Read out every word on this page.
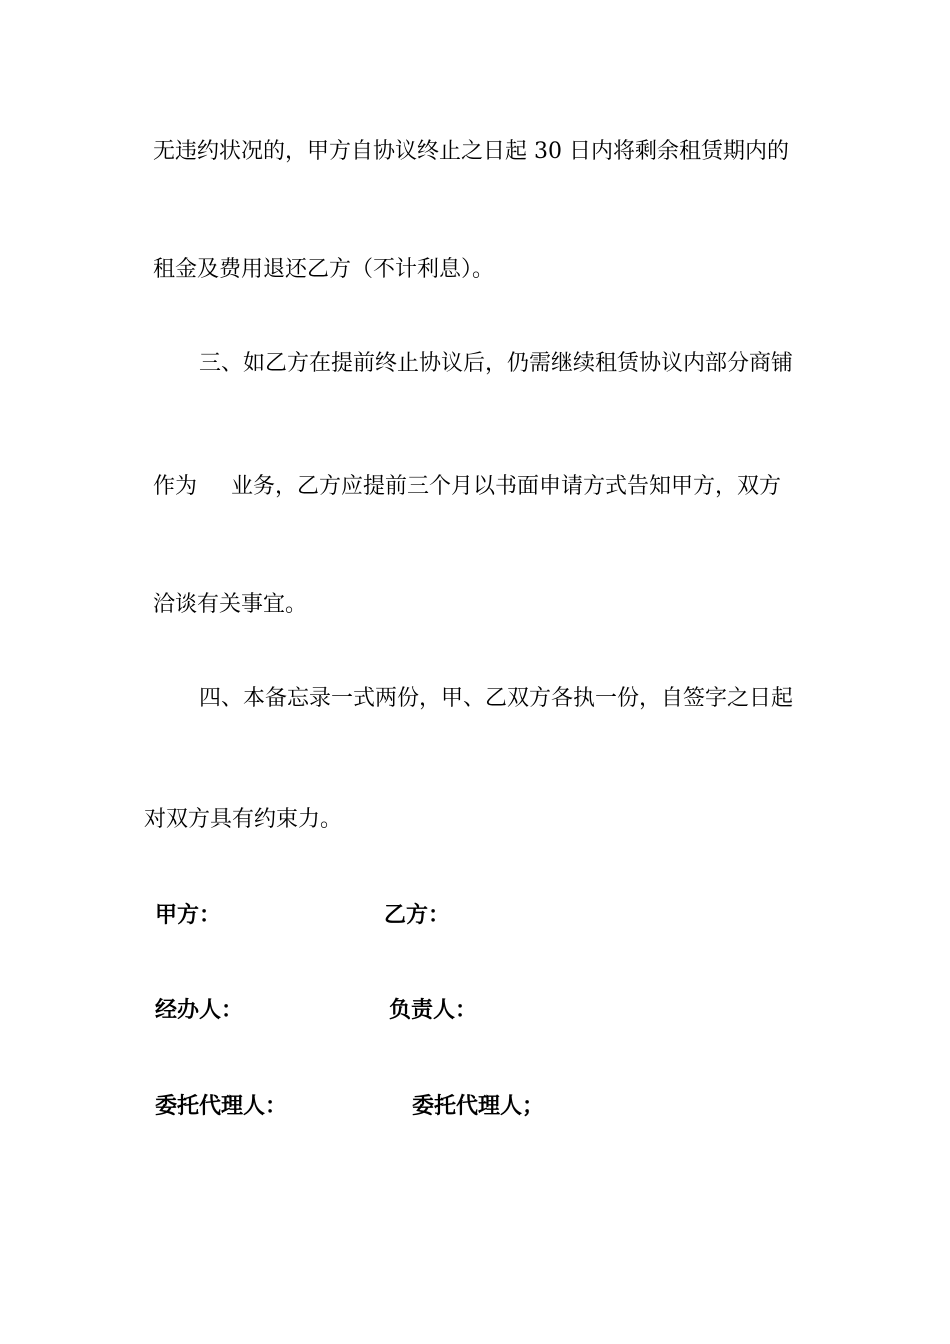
无违约状况的，甲方自协议终止之日起 30 日内将剩余租赁期内的

租金及费用退还乙方（不计利息）。

三、如乙方在提前终止协议后，仍需继续租赁协议内部分商铺

作为 业务，乙方应提前三个月以书面申请方式告知甲方，双方

洽谈有关事宜。

四、本备忘录一式两份，甲、乙双方各执一份，自签字之日起

对双方具有约束力。

甲方：	乙方：

经办人：	负责人：

委托代理人：	委托代理人；
